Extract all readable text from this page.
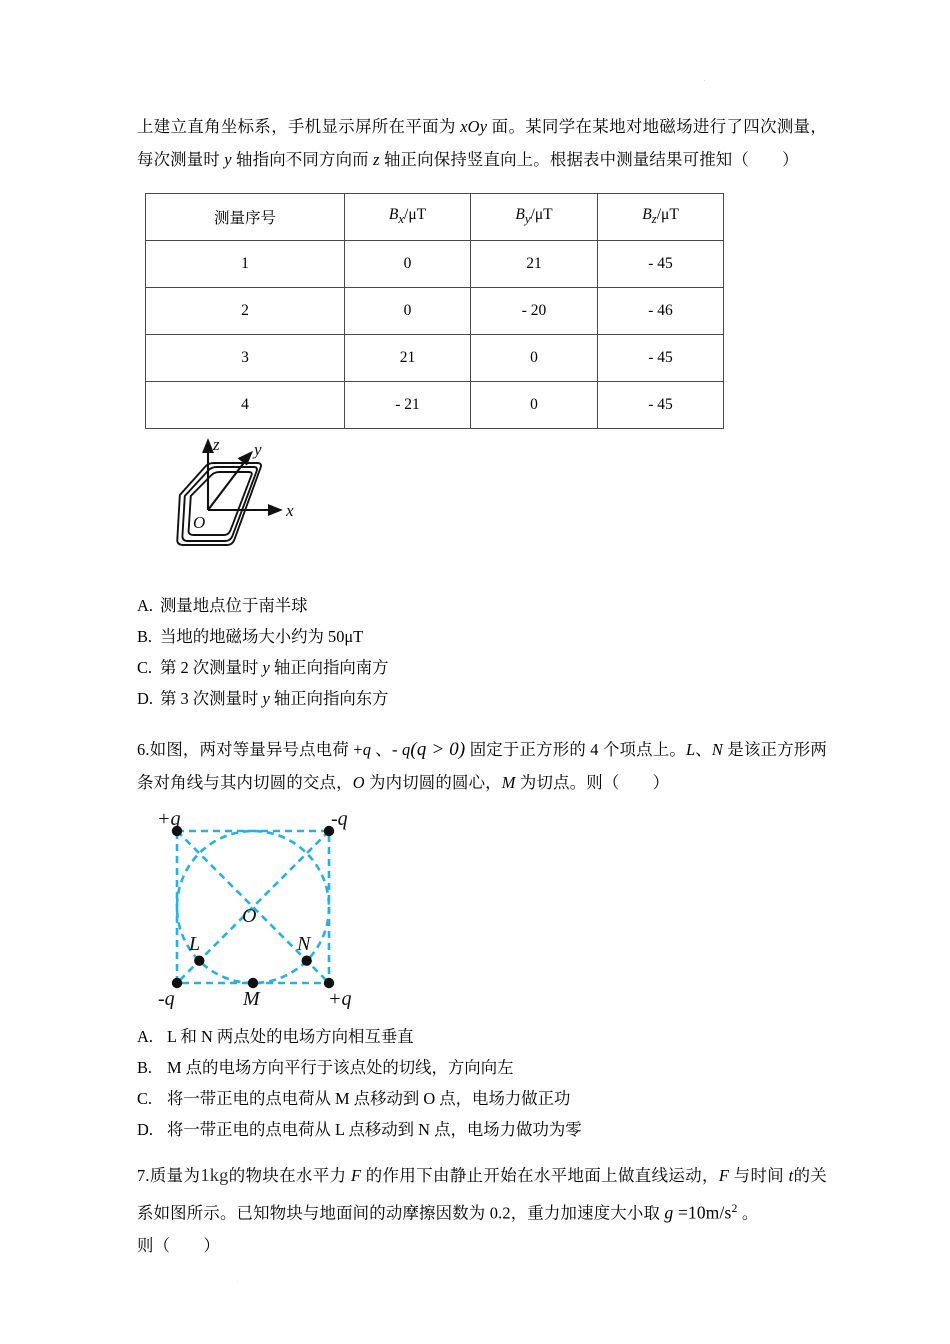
.
.

上建立直角坐标系，手机显示屏所在平面为 xOy 面。某同学在某地对地磁场进行了四次测量，每次测量时 y 轴指向不同方向而 z 轴正向保持竖直向上。根据表中测量结果可推知（　　）

测量序号	$B_x/\mu T$	$B_y/\mu T$	$B_z/\mu T$
1	0	21	- 45
2	0	- 20	- 46
3	21	0	- 45
4	- 21	0	- 45
z y
x
O
A. 测量地点位于南半球
B. 当地的地磁场大小约为 50μT
C. 第 2 次测量时 y 轴正向指向南方
D. 第 3 次测量时 y 轴正向指向东方

6.如图，两对等量异号点电荷 +q 、- q(q > 0) 固定于正方形的 4 个项点上。L、N 是该正方形两条对角线与其内切圆的交点，O 为内切圆的圆心，M 为切点。则（　　）

+q	-q
-q	+q
L	N
O
M
A. L 和 N 两点处的电场方向相互垂直
B. M 点的电场方向平行于该点处的切线，方向向左
C. 将一带正电的点电荷从 M 点移动到 O 点，电场力做正功
D. 将一带正电的点电荷从 L 点移动到 N 点，电场力做功为零

7.质量为1kg的物块在水平力 F 的作用下由静止开始在水平地面上做直线运动，F 与时间 t的关系如图所示。已知物块与地面间的动摩擦因数为 0.2，重力加速度大小取 $g =10m/s^2$ 。

则（　　）
